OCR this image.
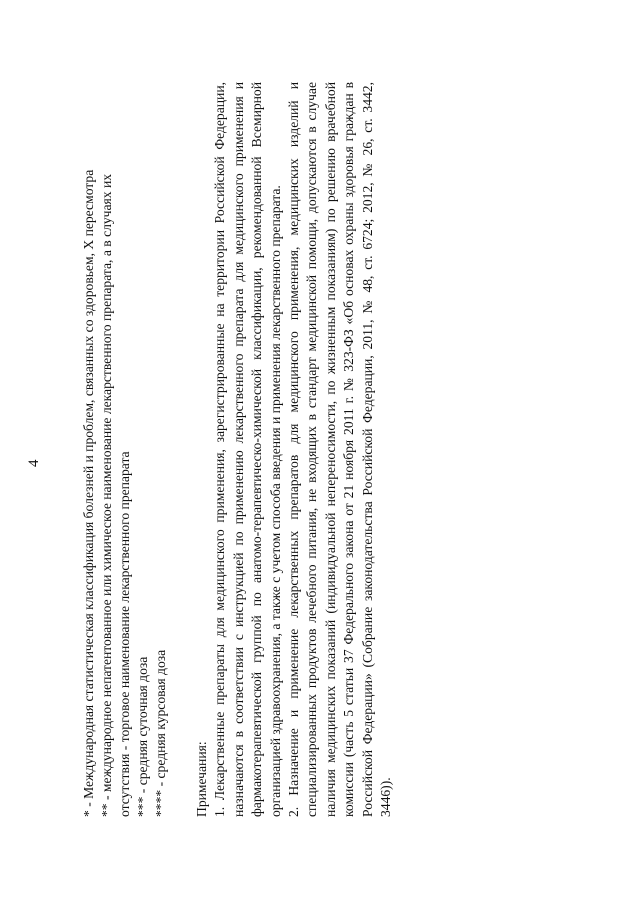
4	* - Международная статистическая классификация болезней и проблем, связанных со здоровьем, X пересмотра ** - международное непатентованное или химическое наименование лекарственного препарата, а в случаях их отсутствия - торговое наименование лекарственного препарата *** - средняя суточная доза **** - средняя курсовая доза Примечания: 1. Лекарственные препараты для медицинского применения, зарегистрированные на территории Российской Федерации, назначаются в соответствии с инструкцией по применению лекарственного препарата для медицинского применения и фармакотерапевтической группой по анатомо-терапевтическо-химической классификации, рекомендованной Всемирной организацией здравоохранения, а также с учетом способа введения и применения лекарственного препарата. 2. Назначение и применение лекарственных препаратов для медицинского применения, медицинских изделий и специализированных продуктов лечебного питания, не входящих в стандарт медицинской помощи, допускаются в случае наличия медицинских показаний (индивидуальной непереносимости, по жизненным показаниям) по решению врачебной комиссии (часть 5 статьи 37 Федерального закона от 21 ноября 2011 г. № 323-ФЗ «Об основах охраны здоровья граждан в Российской Федерации» (Собрание законодательства Российской Федерации, 2011, № 48, ст. 6724; 2012, № 26, ст. 3442, 3446)).
